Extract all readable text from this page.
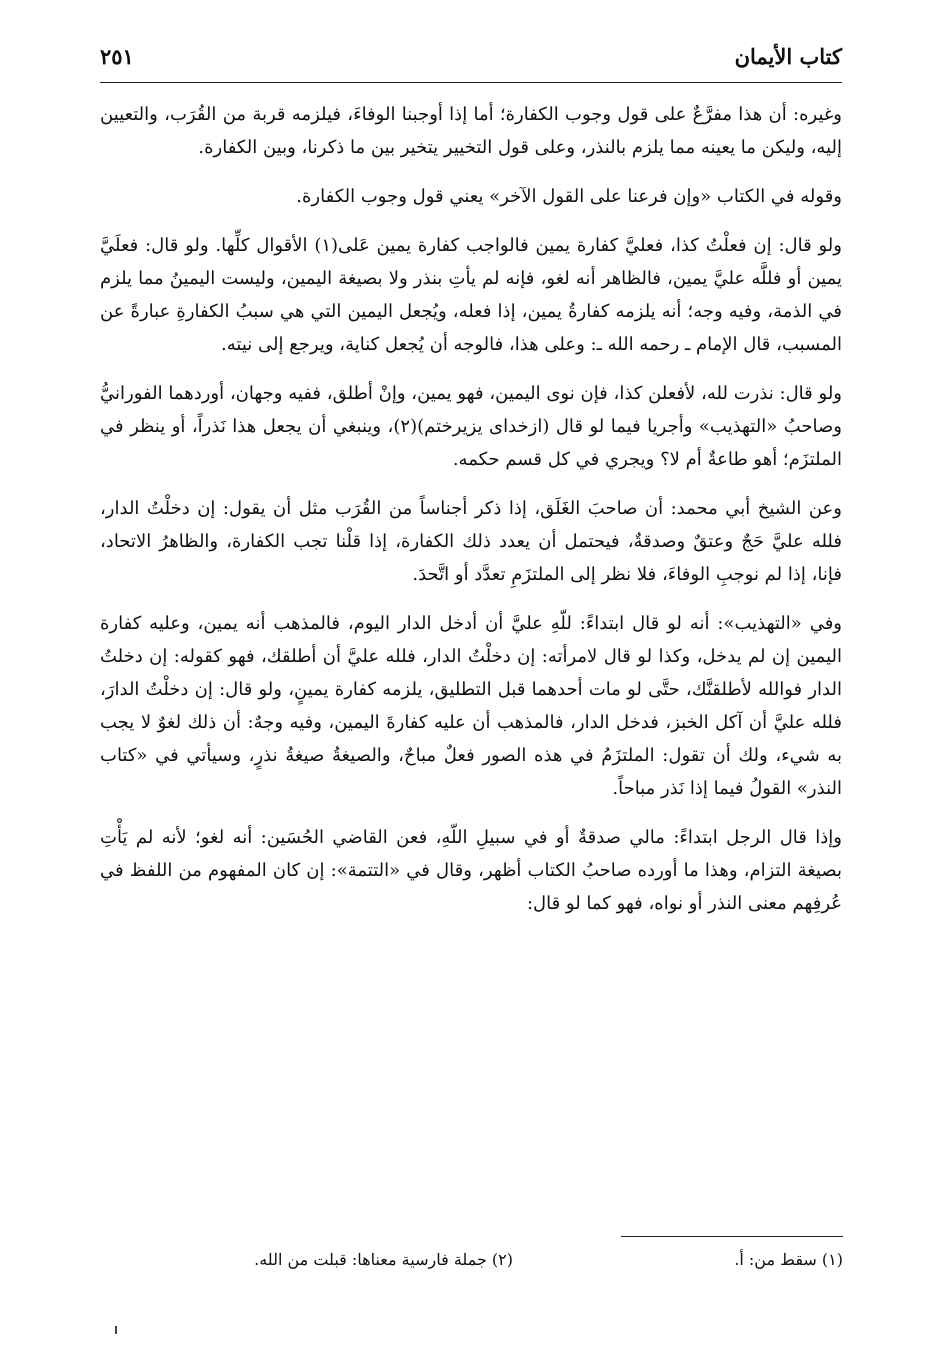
كتاب الأيمان
٢٥١

وغيره: أن هذا مفرَّعٌ على قول وجوب الكفارة؛ أما إذا أوجبنا الوفاءَ، فيلزمه قربة من القُرَب، والتعيين إليه، وليكن ما يعينه مما يلزم بالنذر، وعلى قول التخيير يتخير بين ما ذكرنا، وبين الكفارة.

وقوله في الكتاب «وإن فرعنا على القول الآخر» يعني قول وجوب الكفارة.

ولو قال: إن فعلْتُ كذا، فعليَّ كفارة يمين فالواجب كفارة يمين عَلى(١) الأقوال كلِّها. ولو قال: فعلَيَّ يمين أو فللَّه عليَّ يمين، فالظاهر أنه لغو، فإنه لم يأتِ بنذر ولا بصيغة اليمين، وليست اليمينُ مما يلزم في الذمة، وفيه وجه؛ أنه يلزمه كفارةُ يمين، إذا فعله، ويُجعل اليمين التي هي سببُ الكفارةِ عبارةً عن المسبب، قال الإمام ـ رحمه الله ـ: وعلى هذا، فالوجه أن يُجعل كناية، ويرجع إلى نيته.

ولو قال: نذرت لله، لأفعلن كذا، فإن نوى اليمين، فهو يمين، وإنْ أطلق، ففيه وجهان، أوردهما الفورانيُّ وصاحبُ «التهذيب» وأجريا فيما لو قال (ازخداى يزيرختم)(٢)، وينبغي أن يجعل هذا نَذراً، أو ينظر في الملتزَم؛ أهو طاعةٌ أم لا؟ ويجري في كل قسم حكمه.

وعن الشيخ أبي محمد: أن صاحبَ الغَلَق، إذا ذكر أجناساً من القُرَب مثل أن يقول: إن دخلْتُ الدار، فلله عليَّ حَجٌ وعتقٌ وصدقةٌ، فيحتمل أن يعدد ذلك الكفارة، إذا قلْنا تجب الكفارة، والظاهرُ الاتحاد، فإنا، إذا لم نوجبِ الوفاءَ، فلا نظر إلى الملتزَمِ تعدَّد أو اتَّحدَ.

وفي «التهذيب»: أنه لو قال ابتداءً: للّهِ عليَّ أن أدخل الدار اليوم، فالمذهب أنه يمين، وعليه كفارة اليمين إن لم يدخل، وكذا لو قال لامرأته: إن دخلْتُ الدار، فلله عليَّ أن أطلقك، فهو كقوله: إن دخلتُ الدار فوالله لأطلقنَّك، حتَّى لو مات أحدهما قبل التطليق، يلزمه كفارة يمينٍ، ولو قال: إن دخلْتُ الدارَ، فلله عليَّ أن آكل الخبز، فدخل الدار، فالمذهب أن عليه كفارةَ اليمين، وفيه وجهٌ: أن ذلك لغوٌ لا يجب به شيء، ولك أن تقول: الملتزَمُ في هذه الصور فعلٌ مباحٌ، والصيغةُ صيغةُ نذرٍ، وسيأتي في «كتاب النذر» القولُ فيما إذا نَذر مباحاً.

وإذا قال الرجل ابتداءً: مالي صدقةٌ أو في سبيلِ اللّهِ، فعن القاضي الحُسَين: أنه لغو؛ لأنه لم يَأْتِ بصيغة التزام، وهذا ما أورده صاحبُ الكتاب أظهر، وقال في «التتمة»: إن كان المفهوم من اللفظ في عُرفِهم معنى النذر أو نواه، فهو كما لو قال:

(١) سقط من: أ.
(٢) جملة فارسية معناها: قبلت من الله.
